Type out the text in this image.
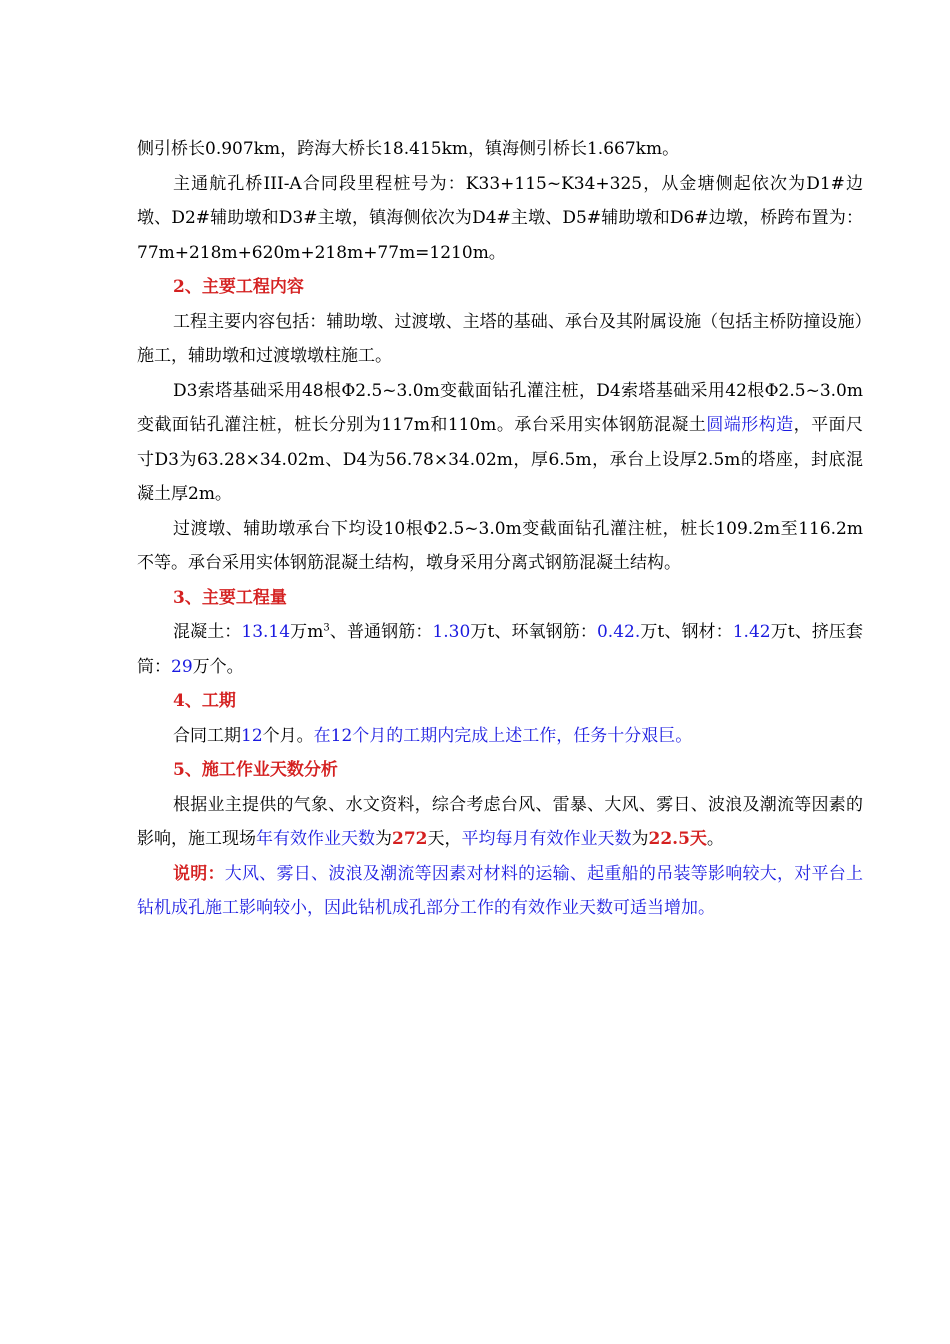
侧引桥长0.907km，跨海大桥长18.415km，镇海侧引桥长1.667km。

主通航孔桥III-A合同段里程桩号为：K33+115~K34+325，从金塘侧起依次为D1#边墩、D2#辅助墩和D3#主墩，镇海侧依次为D4#主墩、D5#辅助墩和D6#边墩，桥跨布置为：77m+218m+620m+218m+77m=1210m。

2、主要工程内容

工程主要内容包括：辅助墩、过渡墩、主塔的基础、承台及其附属设施（包括主桥防撞设施）施工，辅助墩和过渡墩墩柱施工。

D3索塔基础采用48根Φ2.5~3.0m变截面钻孔灌注桩，D4索塔基础采用42根Φ2.5~3.0m变截面钻孔灌注桩，桩长分别为117m和110m。承台采用实体钢筋混凝土圆端形构造，平面尺寸D3为63.28×34.02m、D4为56.78×34.02m，厚6.5m，承台上设厚2.5m的塔座，封底混凝土厚2m。

过渡墩、辅助墩承台下均设10根Φ2.5~3.0m变截面钻孔灌注桩，桩长109.2m至116.2m不等。承台采用实体钢筋混凝土结构，墩身采用分离式钢筋混凝土结构。

3、主要工程量

混凝土：13.14万$m^3$、普通钢筋：1.30万t、环氧钢筋：0.42.万t、钢材：1.42万t、挤压套筒：29万个。

4、工期

合同工期12个月。在12个月的工期内完成上述工作，任务十分艰巨。

5、施工作业天数分析

根据业主提供的气象、水文资料，综合考虑台风、雷暴、大风、雾日、波浪及潮流等因素的影响，施工现场年有效作业天数为272天，平均每月有效作业天数为22.5天。

说明：大风、雾日、波浪及潮流等因素对材料的运输、起重船的吊装等影响较大，对平台上钻机成孔施工影响较小，因此钻机成孔部分工作的有效作业天数可适当增加。
